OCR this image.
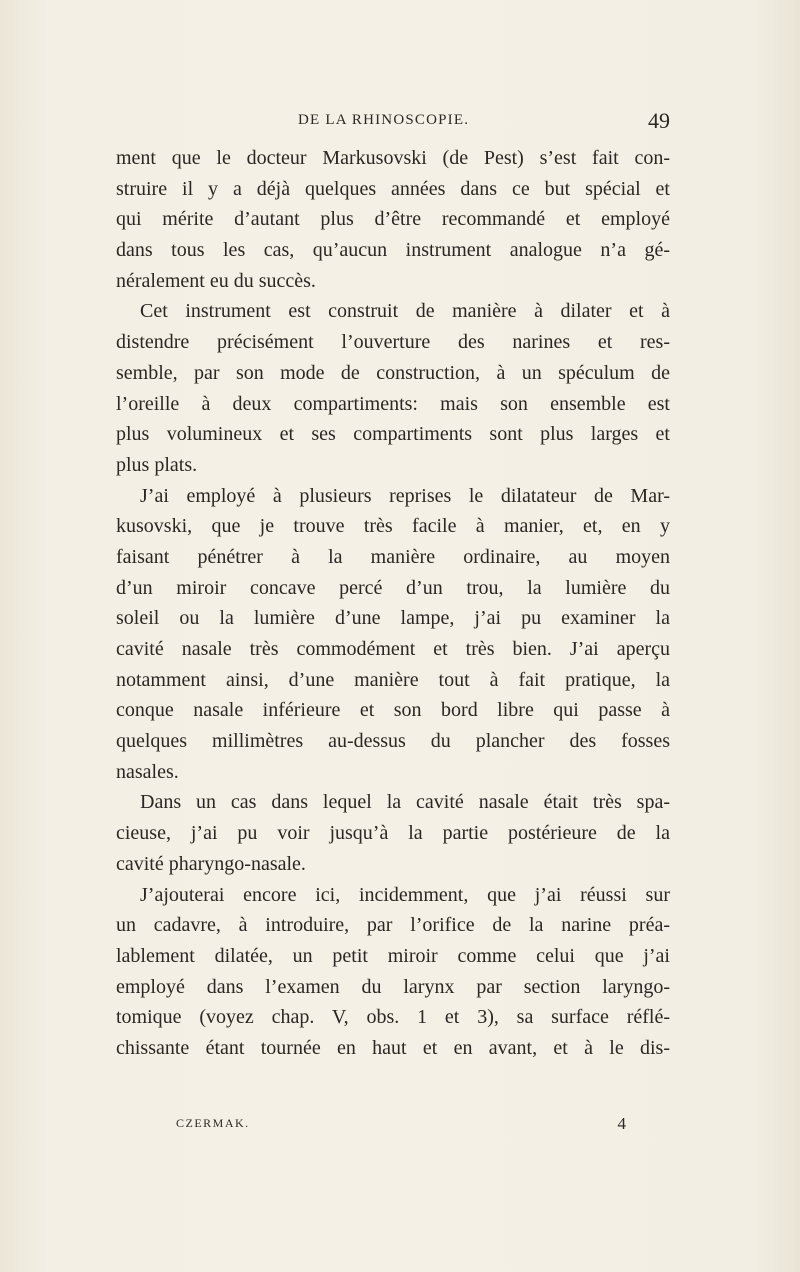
DE LA RHINOSCOPIE.	49
ment que le docteur Markusovski (de Pest) s’est fait con-
struire il y a déjà quelques années dans ce but spécial et
qui mérite d’autant plus d’être recommandé et employé
dans tous les cas, qu’aucun instrument analogue n’a gé-
néralement eu du succès.
Cet instrument est construit de manière à dilater et à
distendre précisément l’ouverture des narines et res-
semble, par son mode de construction, à un spéculum de
l’oreille à deux compartiments: mais son ensemble est
plus volumineux et ses compartiments sont plus larges et
plus plats.
J’ai employé à plusieurs reprises le dilatateur de Mar-
kusovski, que je trouve très facile à manier, et, en y
faisant pénétrer à la manière ordinaire, au moyen
d’un miroir concave percé d’un trou, la lumière du
soleil ou la lumière d’une lampe, j’ai pu examiner la
cavité nasale très commodément et très bien. J’ai aperçu
notamment ainsi, d’une manière tout à fait pratique, la
conque nasale inférieure et son bord libre qui passe à
quelques millimètres au-dessus du plancher des fosses
nasales.
Dans un cas dans lequel la cavité nasale était très spa-
cieuse, j’ai pu voir jusqu’à la partie postérieure de la
cavité pharyngo-nasale.
J’ajouterai encore ici, incidemment, que j’ai réussi sur
un cadavre, à introduire, par l’orifice de la narine préa-
lablement dilatée, un petit miroir comme celui que j’ai
employé dans l’examen du larynx par section laryngo-
tomique (voyez chap. V, obs. 1 et 3), sa surface réflé-
chissante étant tournée en haut et en avant, et à le dis-
CZERMAK.	4
